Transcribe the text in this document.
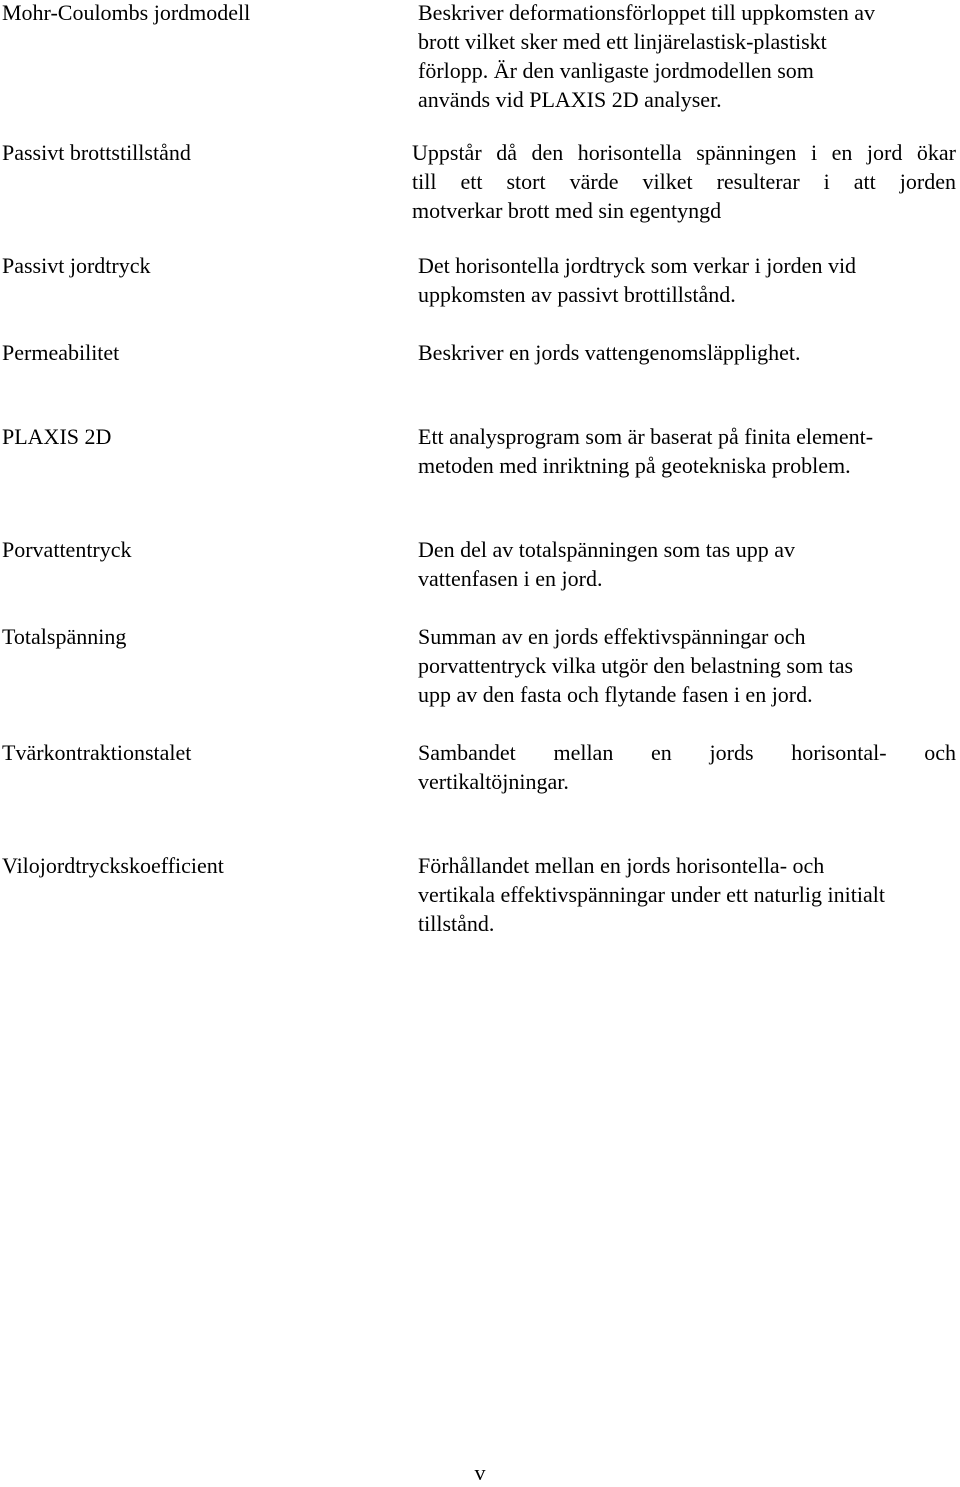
Mohr-Coulombs jordmodell	Beskriver deformationsförloppet till uppkomsten av
brott vilket sker med ett linjärelastisk-plastiskt
förlopp. Är den vanligaste jordmodellen som
används vid PLAXIS 2D analyser.
Passivt brottstillstånd	Uppstår då den horisontella spänningen i en jord ökar
till ett stort värde vilket resulterar i att jorden
motverkar brott med sin egentyngd
Passivt jordtryck	Det horisontella jordtryck som verkar i jorden vid
uppkomsten av passivt brottillstånd.
Permeabilitet	Beskriver en jords vattengenomsläpplighet.
PLAXIS 2D	Ett analysprogram som är baserat på finita element-
metoden med inriktning på geotekniska problem.
Porvattentryck	Den del av totalspänningen som tas upp av
vattenfasen i en jord.
Totalspänning	Summan av en jords effektivspänningar och
porvattentryck vilka utgör den belastning som tas
upp av den fasta och flytande fasen i en jord.
Tvärkontraktionstalet	Sambandet mellan en jords horisontal- och
vertikaltöjningar.
Vilojordtryckskoefficient	Förhållandet mellan en jords horisontella- och
vertikala effektivspänningar under ett naturlig initialt
tillstånd.
v
